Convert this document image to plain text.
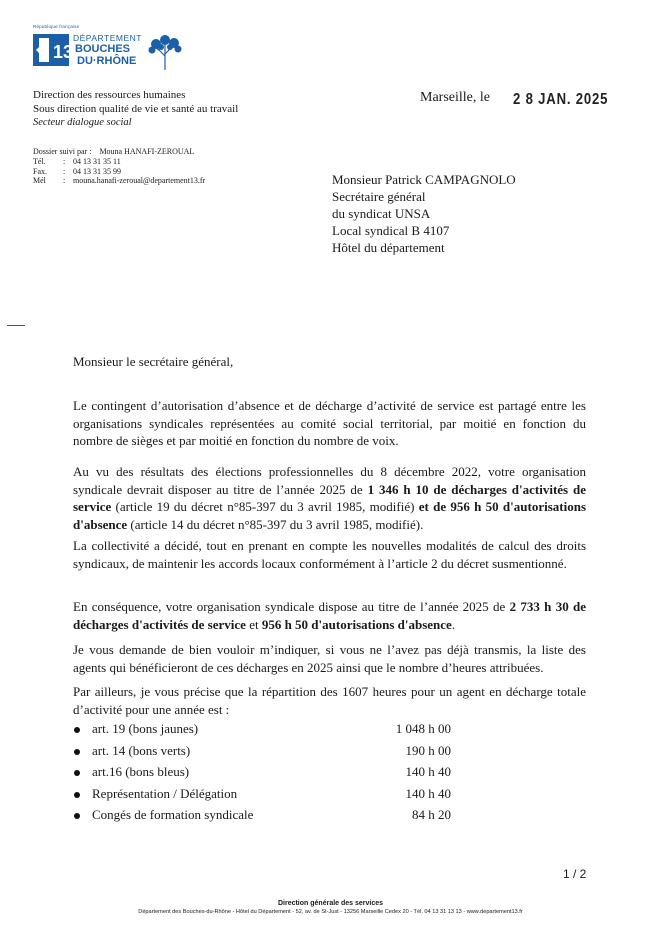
République française
13
DÉPARTEMENT
BOUCHES
DU·RHÔNE
Direction des ressources humaines
Sous direction qualité de vie et santé au travail
Secteur dialogue social
Dossier suivi par : Mouna HANAFI-ZEROUAL
Tél. : 04 13 31 35 11
Fax. : 04 13 31 35 99
Mél : mouna.hanafi-zeroual@departement13.fr
Marseille, le 2 8 JAN. 2025
Monsieur Patrick CAMPAGNOLO
Secrétaire général
du syndicat UNSA
Local syndical B 4107
Hôtel du département
Monsieur le secrétaire général,
Le contingent d’autorisation d’absence et de décharge d’activité de service est partagé entre les organisations syndicales représentées au comité social territorial, par moitié en fonction du nombre de sièges et par moitié en fonction du nombre de voix.
Au vu des résultats des élections professionnelles du 8 décembre 2022, votre organisation syndicale devrait disposer au titre de l’année 2025 de 1 346 h 10 de décharges d'activités de service (article 19 du décret n°85-397 du 3 avril 1985, modifié) et de 956 h 50 d'autorisations d'absence (article 14 du décret n°85-397 du 3 avril 1985, modifié).
La collectivité a décidé, tout en prenant en compte les nouvelles modalités de calcul des droits syndicaux, de maintenir les accords locaux conformément à l’article 2 du décret susmentionné.
En conséquence, votre organisation syndicale dispose au titre de l’année 2025 de 2 733 h 30 de décharges d'activités de service et 956 h 50 d'autorisations d'absence.
Je vous demande de bien vouloir m’indiquer, si vous ne l’avez pas déjà transmis, la liste des agents qui bénéficieront de ces décharges en 2025 ainsi que le nombre d’heures attribuées.
Par ailleurs, je vous précise que la répartition des 1607 heures pour un agent en décharge totale d’activité pour une année est :
art. 19 (bons jaunes)	1 048 h 00
art. 14 (bons verts)	190 h 00
art.16 (bons bleus)	140 h 40
Représentation / Délégation	140 h 40
Congés de formation syndicale	84 h 20
1 / 2
Direction générale des services
Département des Bouches-du-Rhône - Hôtel du Département - 52, av. de St-Just - 13256 Marseille Cedex 20 - Tél. 04 13 31 13 13 - www.departement13.fr
